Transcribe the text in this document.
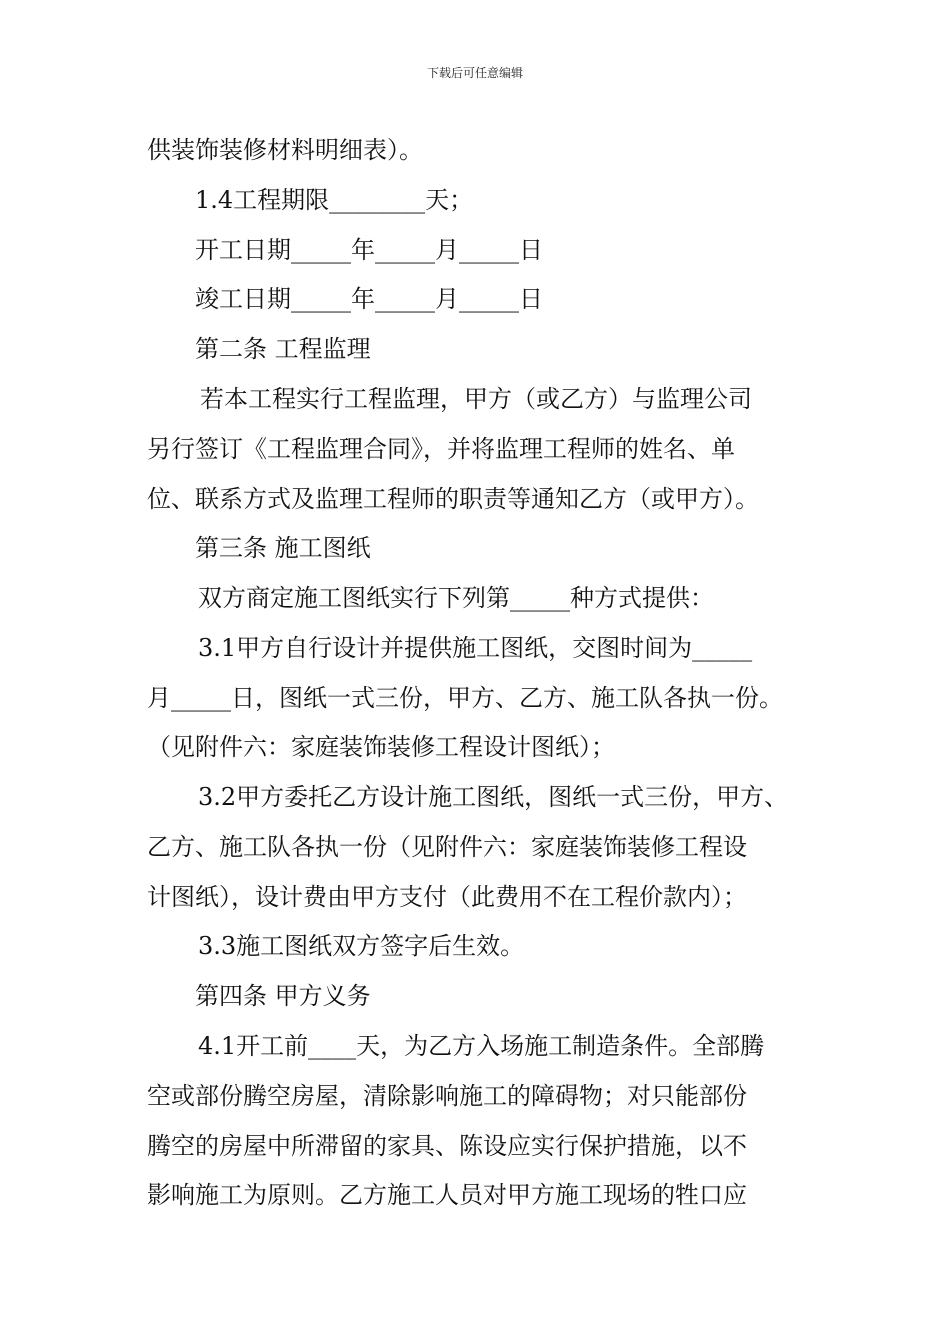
下载后可任意编辑
供装饰装修材料明细表）。
1.4工程期限________天；
开工日期_____年_____月_____日
竣工日期_____年_____月_____日
第二条 工程监理
若本工程实行工程监理，甲方（或乙方）与监理公司
另行签订《工程监理合同》，并将监理工程师的姓名、单
位、联系方式及监理工程师的职责等通知乙方（或甲方）。
第三条 施工图纸
双方商定施工图纸实行下列第_____种方式提供：
3.1甲方自行设计并提供施工图纸，交图时间为_____
月_____日，图纸一式三份，甲方、乙方、施工队各执一份。
（见附件六：家庭装饰装修工程设计图纸）；
3.2甲方委托乙方设计施工图纸，图纸一式三份，甲方、
乙方、施工队各执一份（见附件六：家庭装饰装修工程设
计图纸），设计费由甲方支付（此费用不在工程价款内）；
3.3施工图纸双方签字后生效。
第四条 甲方义务
4.1开工前____天，为乙方入场施工制造条件。全部腾
空或部份腾空房屋，清除影响施工的障碍物；对只能部份
腾空的房屋中所滞留的家具、陈设应实行保护措施，以不
影响施工为原则。乙方施工人员对甲方施工现场的牲口应
